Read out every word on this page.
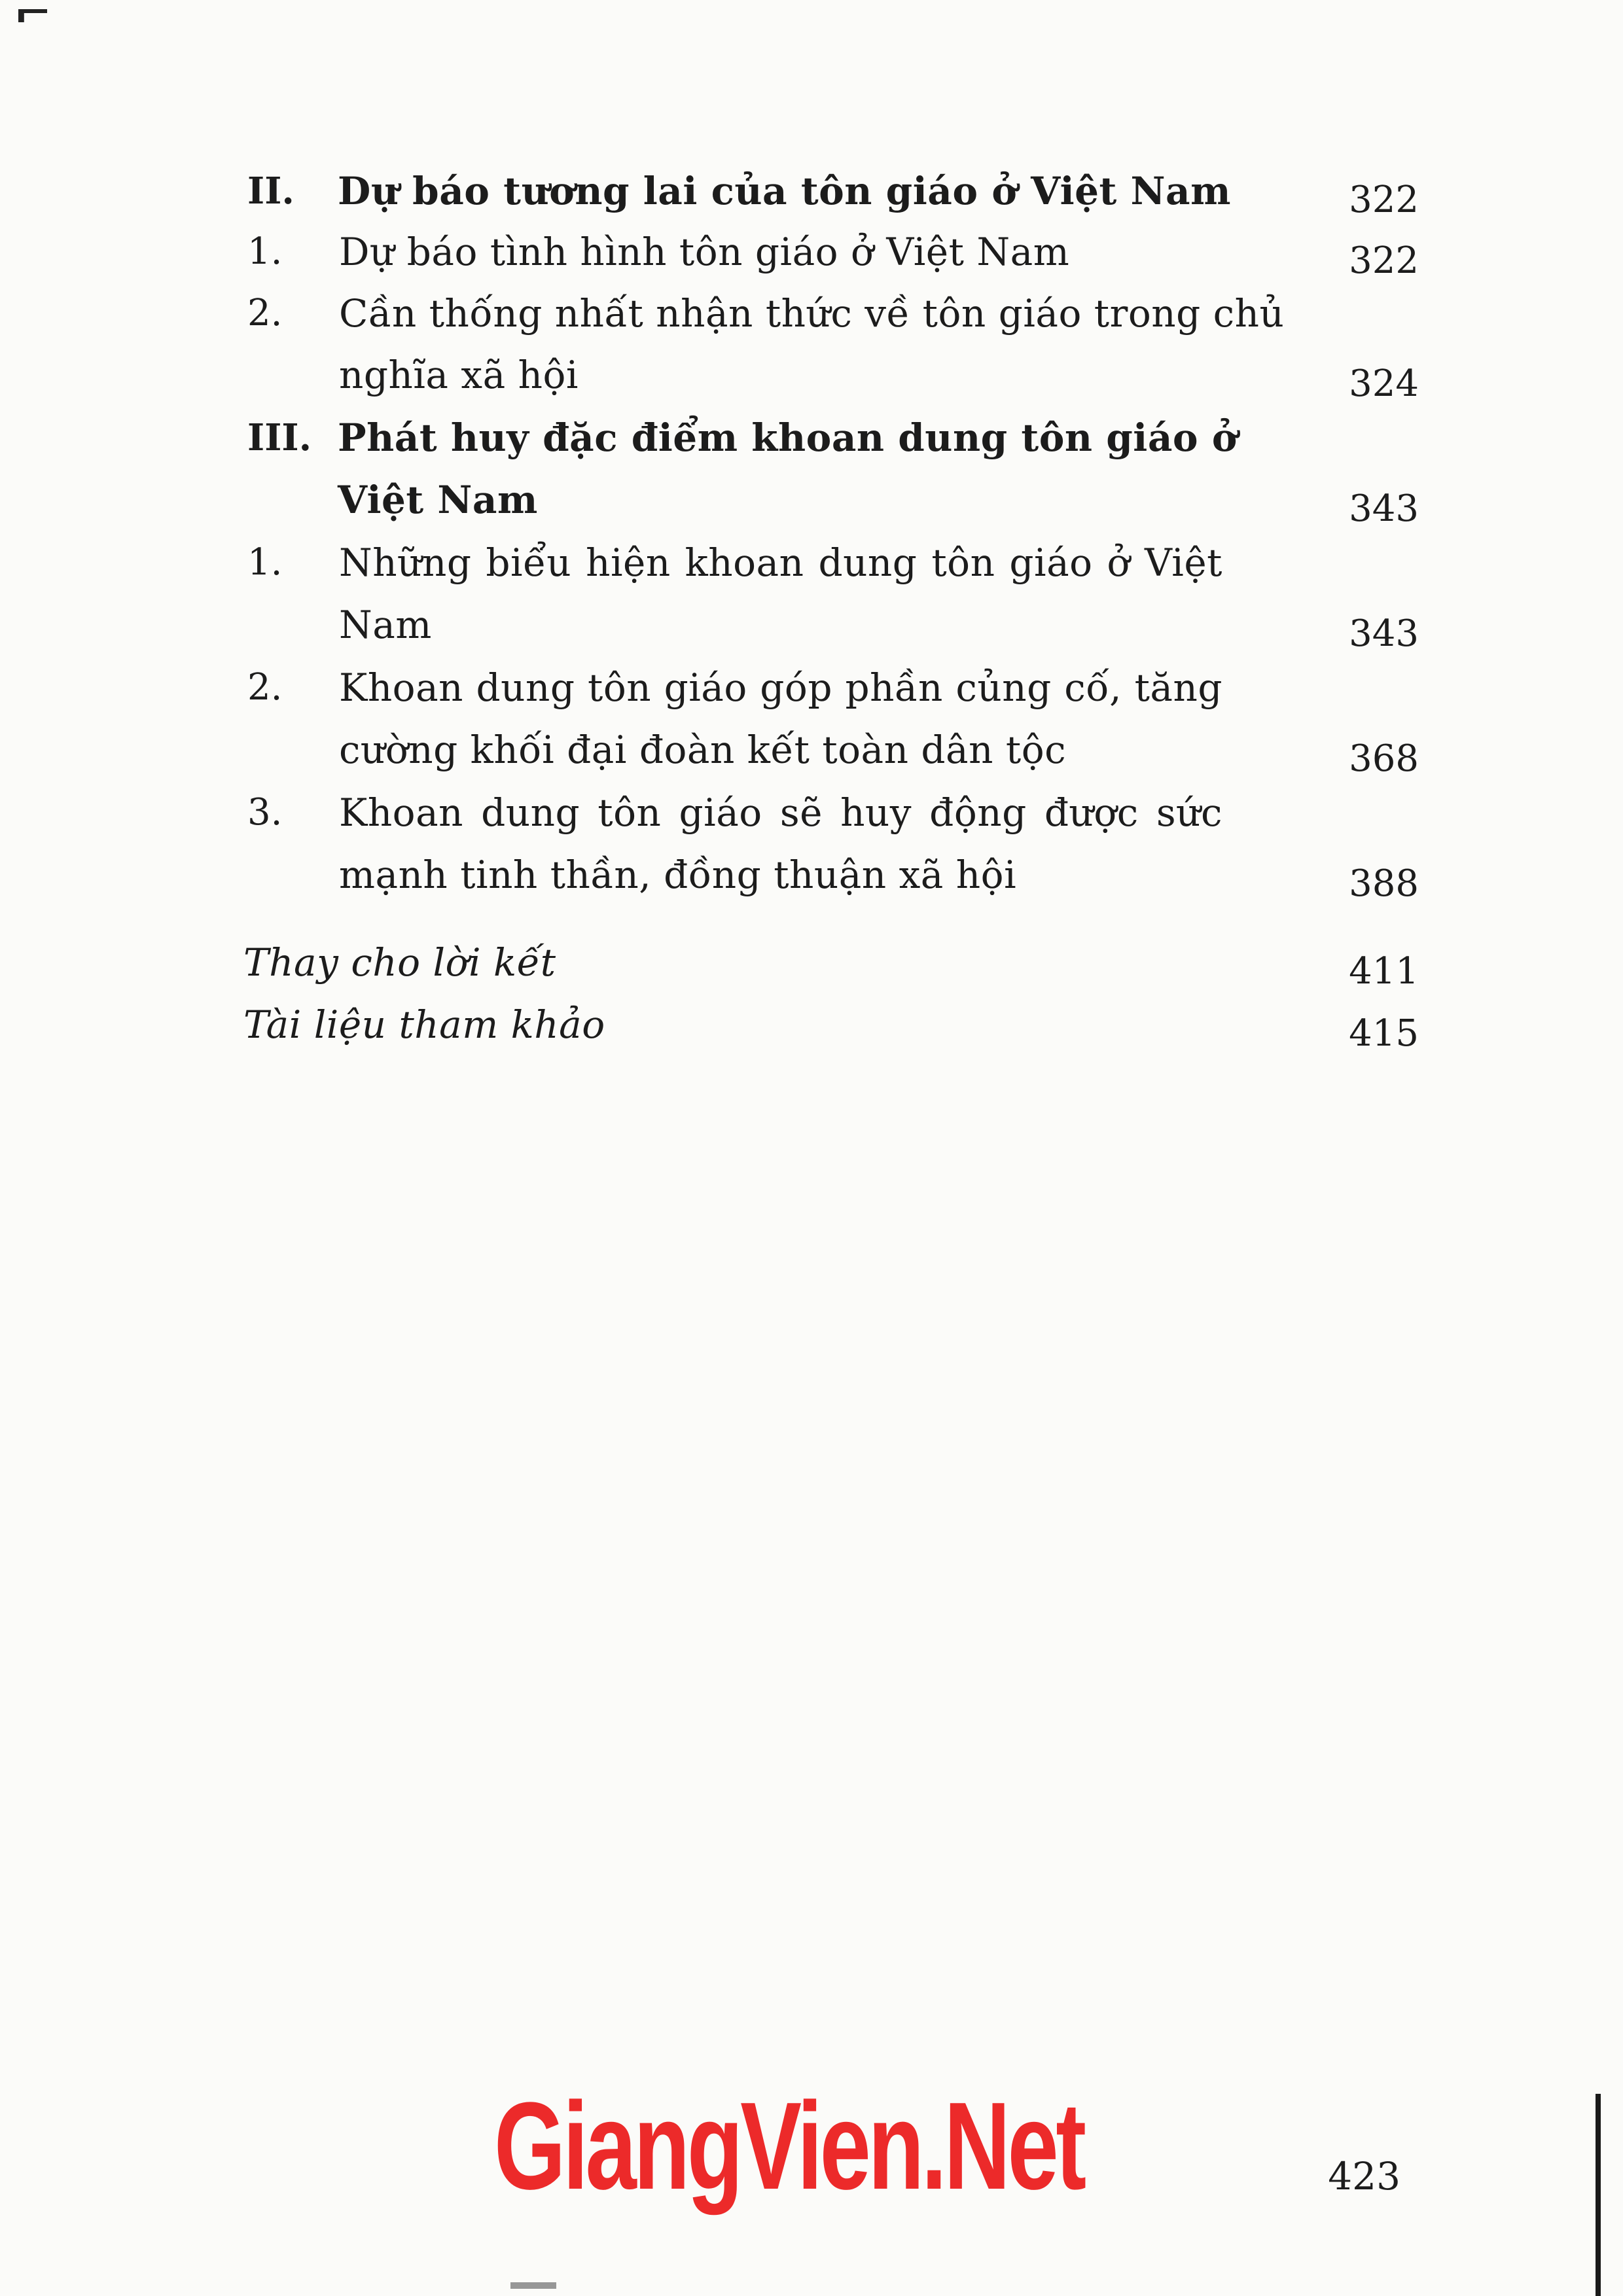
II. Dự báo tương lai của tôn giáo ở Việt Nam	322
1. Dự báo tình hình tôn giáo ở Việt Nam	322
2. Cần thống nhất nhận thức về tôn giáo trong chủ
nghĩa xã hội	324
III. Phát huy đặc điểm khoan dung tôn giáo ở
Việt Nam	343
1. Những biểu hiện khoan dung tôn giáo ở Việt
Nam	343
2. Khoan dung tôn giáo góp phần củng cố, tăng
cường khối đại đoàn kết toàn dân tộc	368
3. Khoan dung tôn giáo sẽ huy động được sức
mạnh tinh thần, đồng thuận xã hội	388
Thay cho lời kết	411
Tài liệu tham khảo	415
GiangVien.Net	423
